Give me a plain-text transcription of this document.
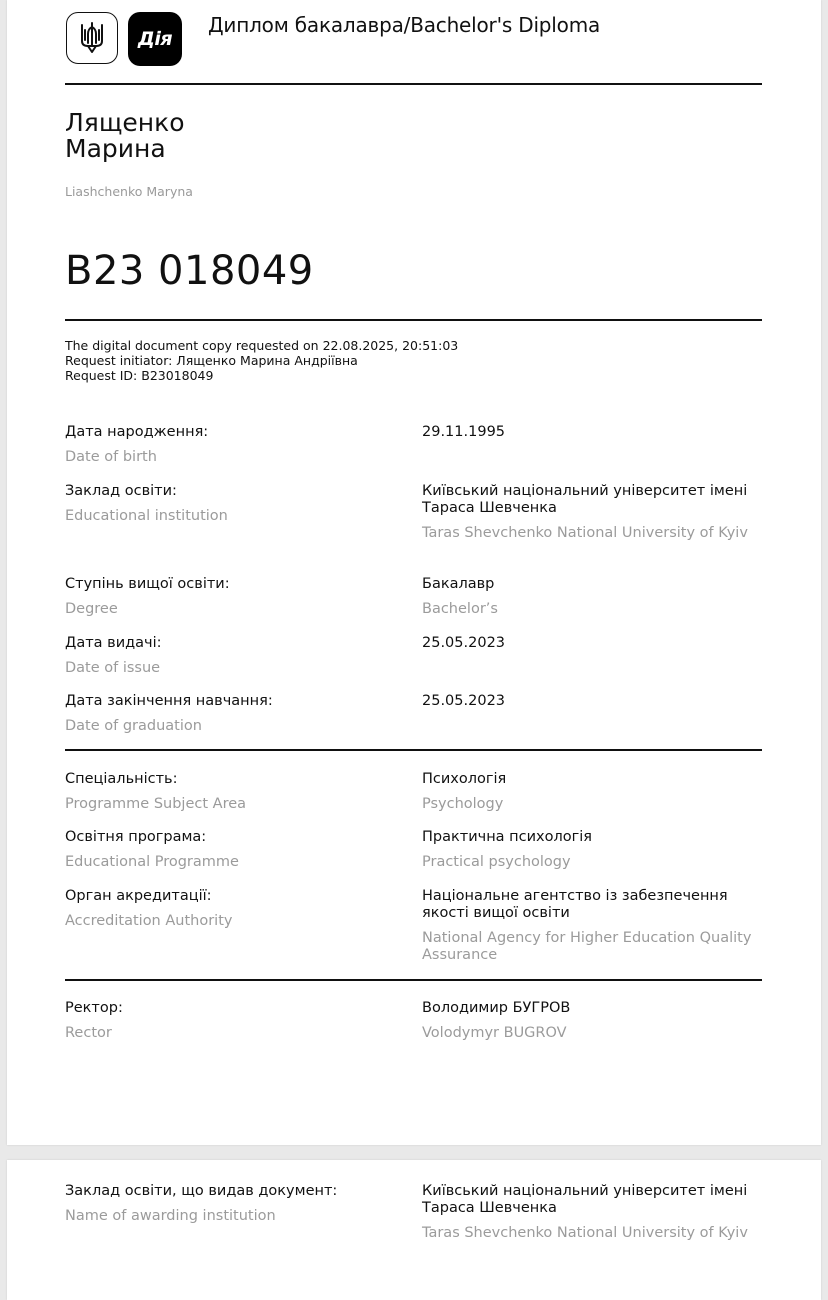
Дія
Диплом бакалавра/Bachelor's Diploma
Лященко
Марина
Liashchenko Maryna
B23 018049
The digital document copy requested on 22.08.2025, 20:51:03
Request initiator: Лященко Марина Андріївна
Request ID: B23018049
Дата народження:
Date of birth
29.11.1995
Заклад освіти:
Educational institution
Київський національний університет імені Тараса Шевченка
Taras Shevchenko National University of Kyiv
Ступінь вищої освіти:
Degree
Бакалавр
Bachelor’s
Дата видачі:
Date of issue
25.05.2023
Дата закінчення навчання:
Date of graduation
25.05.2023
Спеціальність:
Programme Subject Area
Психологія
Psychology
Освітня програма:
Educational Programme
Практична психологія
Practical psychology
Орган акредитації:
Accreditation Authority
Національне агентство із забезпечення якості вищої освіти
National Agency for Higher Education Quality Assurance
Ректор:
Rector
Володимир БУГРОВ
Volodymyr BUGROV
Заклад освіти, що видав документ:
Name of awarding institution
Київський національний університет імені Тараса Шевченка
Taras Shevchenko National University of Kyiv
